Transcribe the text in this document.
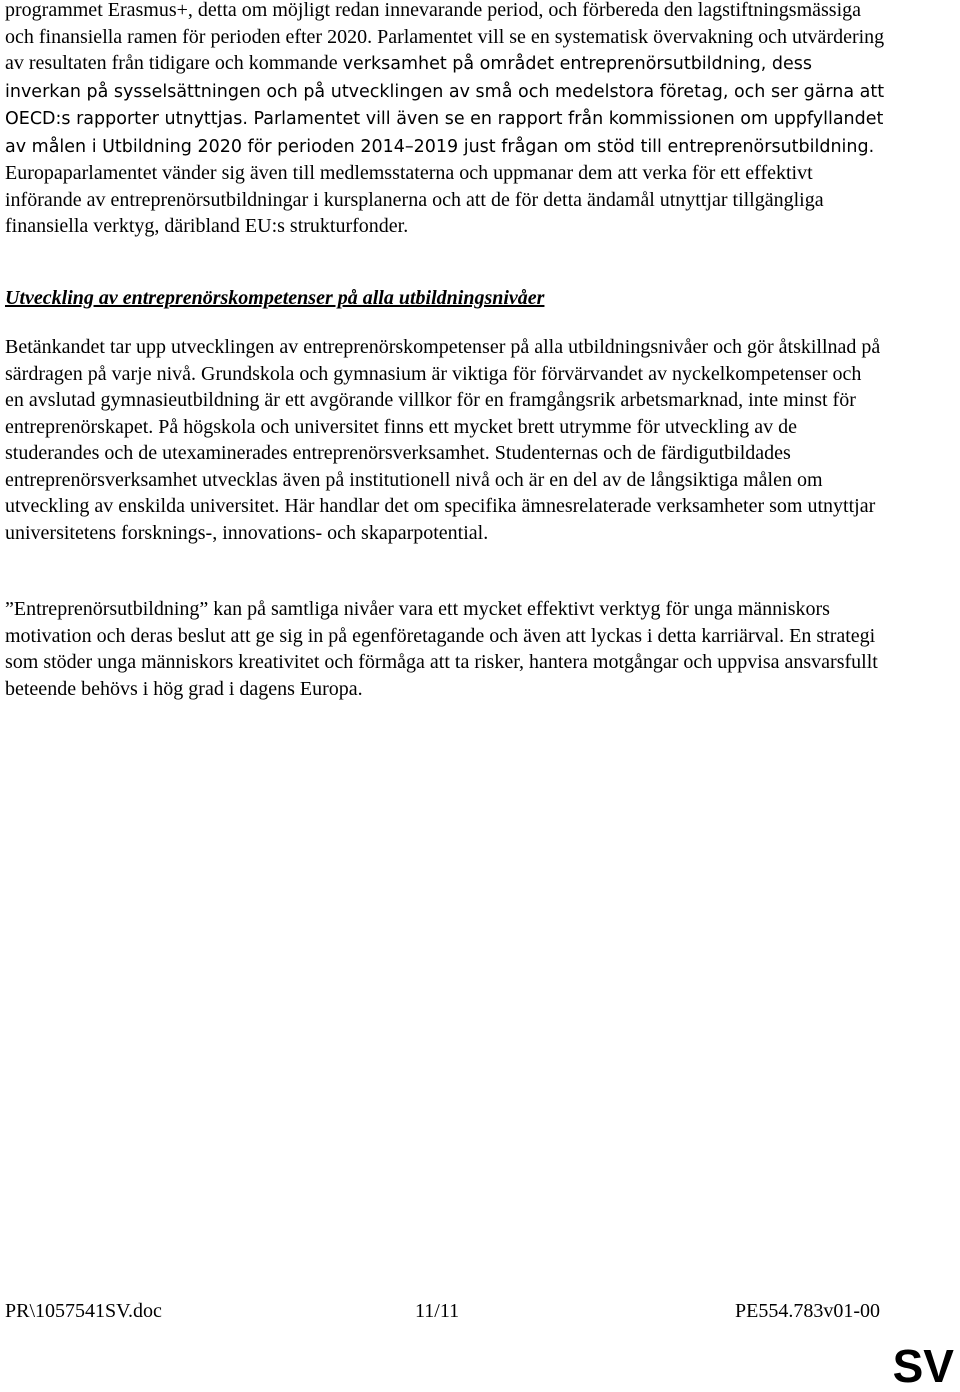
programmet Erasmus+, detta om möjligt redan innevarande period, och förbereda den lagstiftningsmässiga och finansiella ramen för perioden efter 2020. Parlamentet vill se en systematisk övervakning och utvärdering av resultaten från tidigare och kommande verksamhet på området entreprenörsutbildning, dess inverkan på sysselsättningen och på utvecklingen av små och medelstora företag, och ser gärna att OECD:s rapporter utnyttjas. Parlamentet vill även se en rapport från kommissionen om uppfyllandet av målen i Utbildning 2020 för perioden 2014–2019 just frågan om stöd till entreprenörsutbildning. Europaparlamentet vänder sig även till medlemsstaterna och uppmanar dem att verka för ett effektivt införande av entreprenörsutbildningar i kursplanerna och att de för detta ändamål utnyttjar tillgängliga finansiella verktyg, däribland EU:s strukturfonder.

Utveckling av entreprenörskompetenser på alla utbildningsnivåer

Betänkandet tar upp utvecklingen av entreprenörskompetenser på alla utbildningsnivåer och gör åtskillnad på särdragen på varje nivå. Grundskola och gymnasium är viktiga för förvärvandet av nyckelkompetenser och en avslutad gymnasieutbildning är ett avgörande villkor för en framgångsrik arbetsmarknad, inte minst för entreprenörskapet. På högskola och universitet finns ett mycket brett utrymme för utveckling av de studerandes och de utexaminerades entreprenörsverksamhet. Studenternas och de färdigutbildades entreprenörsverksamhet utvecklas även på institutionell nivå och är en del av de långsiktiga målen om utveckling av enskilda universitet. Här handlar det om specifika ämnesrelaterade verksamheter som utnyttjar universitetens forsknings-, innovations- och skaparpotential.

”Entreprenörsutbildning” kan på samtliga nivåer vara ett mycket effektivt verktyg för unga människors motivation och deras beslut att ge sig in på egenföretagande och även att lyckas i detta karriärval. En strategi som stöder unga människors kreativitet och förmåga att ta risker, hantera motgångar och uppvisa ansvarsfullt beteende behövs i hög grad i dagens Europa.

PR\1057541SV.doc	11/11	PE554.783v01-00
SV
